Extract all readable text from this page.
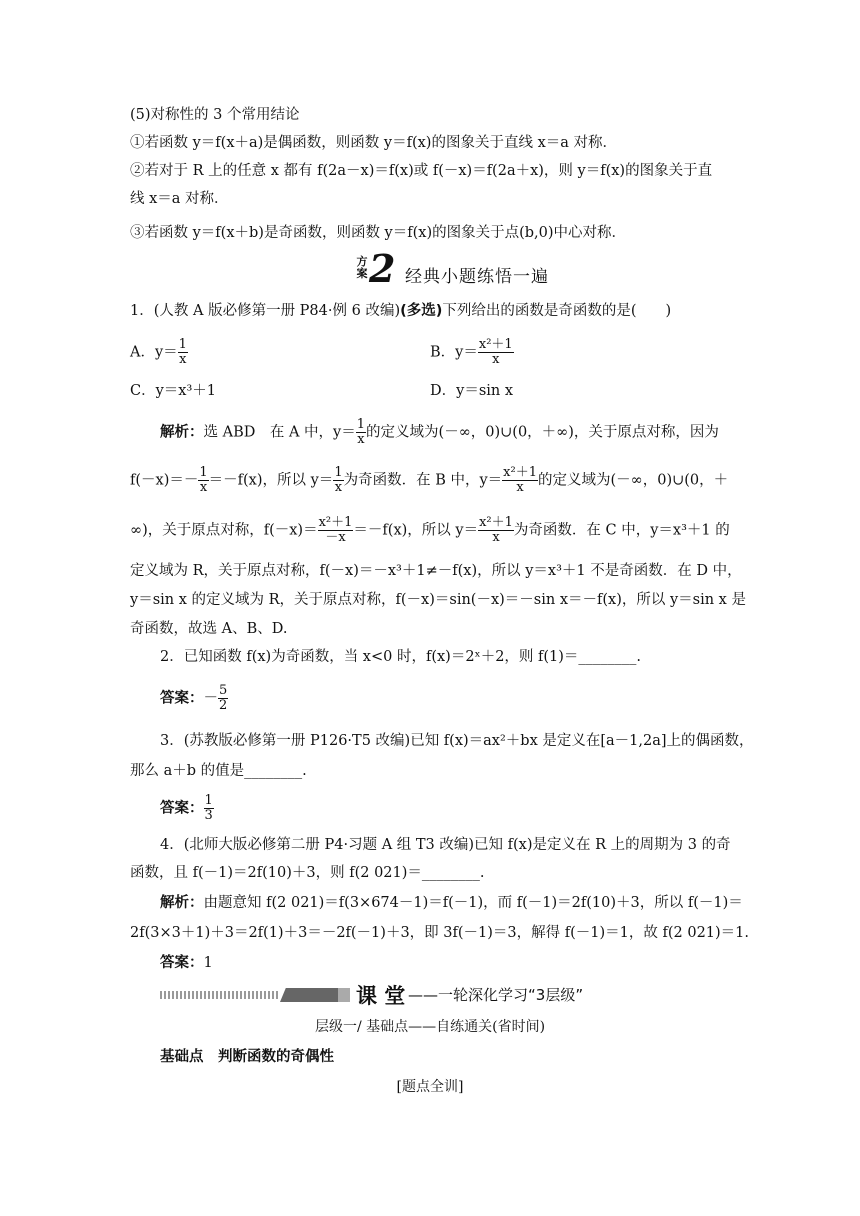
(5)对称性的 3 个常用结论
①若函数 y＝f(x＋a)是偶函数，则函数 y＝f(x)的图象关于直线 x＝a 对称．
②若对于 R 上的任意 x 都有 f(2a－x)＝f(x)或 f(－x)＝f(2a＋x)，则 y＝f(x)的图象关于直
线 x＝a 对称．
③若函数 y＝f(x＋b)是奇函数，则函数 y＝f(x)的图象关于点(b,0)中心对称．
方案 2 经典小题练悟一遍
1．(人教 A 版必修第一册 P84·例 6 改编)(多选)下列给出的函数是奇函数的是(　　)
A．$y= \frac{1}{x}$	B．$y= \frac{\text{x²＋1}}{x}$
C．y＝x³＋1	D．y＝sin x
解析：选 ABD　在 A 中，$y= \frac{1}{x}$ 的定义域为(－∞，0)∪(0，＋∞)，关于原点对称，因为
$f(-x)=- \frac{1}{x} =-f(x)$，所以 $y= \frac{1}{x}$ 为奇函数．在 B 中，$y= \frac{\text{x²＋1}}{x}$ 的定义域为(－∞，0)∪(0，＋
∞)，关于原点对称，$f(-x)= \frac{\text{x²＋1}}{-x} =-f(x)$，所以 $y= \frac{\text{x²＋1}}{x}$ 为奇函数．在 C 中，y＝x³＋1 的
定义域为 R，关于原点对称，f(－x)＝－x³＋1≠－f(x)，所以 y＝x³＋1 不是奇函数．在 D 中，
y＝sin x 的定义域为 R，关于原点对称，f(－x)＝sin(－x)＝－sin x＝－f(x)，所以 y＝sin x 是
奇函数，故选 A、B、D.
2．已知函数 f(x)为奇函数，当 x<0 时，f(x)＝2ˣ＋2，则 f(1)＝________.
答案：－ $\frac{5}{2}$
3．(苏教版必修第一册 P126·T5 改编)已知 f(x)＝ax²＋bx 是定义在[a－1,2a]上的偶函数，
那么 a＋b 的值是________.
答案： $\frac{1}{3}$
4．(北师大版必修第二册 P4·习题 A 组 T3 改编)已知 f(x)是定义在 R 上的周期为 3 的奇
函数，且 f(－1)＝2f(10)＋3，则 f(2 021)＝________.
解析：由题意知 f(2 021)＝f(3×674－1)＝f(－1)，而 f(－1)＝2f(10)＋3，所以 f(－1)＝
2f(3×3＋1)＋3＝2f(1)＋3＝－2f(－1)＋3，即 3f(－1)＝3，解得 f(－1)＝1，故 f(2 021)＝1.
答案：1
课 堂 ——一轮深化学习“3层级”
层级一/ 基础点——自练通关(省时间)
基础点　判断函数的奇偶性
[题点全训]
